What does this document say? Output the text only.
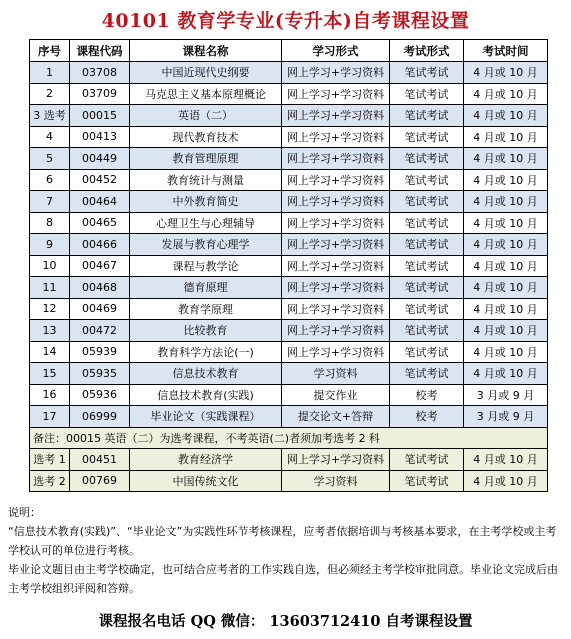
40101 教育学专业(专升本)自考课程设置
序号	课程代码	课程名称	学习形式	考试形式	考试时间
1	03708	中国近现代史纲要	网上学习+学习资料	笔试考试	4 月或 10 月
2	03709	马克思主义基本原理概论	网上学习+学习资料	笔试考试	4 月或 10 月
3 选考	00015	英语（二）	网上学习+学习资料	笔试考试	4 月或 10 月
4	00413	现代教育技术	网上学习+学习资料	笔试考试	4 月或 10 月
5	00449	教育管理原理	网上学习+学习资料	笔试考试	4 月或 10 月
6	00452	教育统计与测量	网上学习+学习资料	笔试考试	4 月或 10 月
7	00464	中外教育简史	网上学习+学习资料	笔试考试	4 月或 10 月
8	00465	心理卫生与心理辅导	网上学习+学习资料	笔试考试	4 月或 10 月
9	00466	发展与教育心理学	网上学习+学习资料	笔试考试	4 月或 10 月
10	00467	课程与教学论	网上学习+学习资料	笔试考试	4 月或 10 月
11	00468	德育原理	网上学习+学习资料	笔试考试	4 月或 10 月
12	00469	教育学原理	网上学习+学习资料	笔试考试	4 月或 10 月
13	00472	比较教育	网上学习+学习资料	笔试考试	4 月或 10 月
14	05939	教育科学方法论(一)	网上学习+学习资料	笔试考试	4 月或 10 月
15	05935	信息技术教育	学习资料	笔试考试	4 月或 10 月
16	05936	信息技术教育(实践)	提交作业	校考	3 月或 9 月
17	06999	毕业论文（实践课程）	提交论文+答辩	校考	3 月或 9 月
备注：00015 英语（二）为选考课程，不考英语(二)者须加考选考 2 科					
选考 1	00451	教育经济学	网上学习+学习资料	笔试考试	4 月或 10 月
选考 2	00769	中国传统文化	学习资料	笔试考试	4 月或 10 月

说明：

“信息技术教育(实践)”、“毕业论文”为实践性环节考核课程，应考者依据培训与考核基本要求，在主考学校或主考学校认可的单位进行考核。

毕业论文题目由主考学校确定，也可结合应考者的工作实践自选，但必须经主考学校审批同意。毕业论文完成后由主考学校组织评阅和答辩。

课程报名电话 QQ 微信： 13603712410 自考课程设置
